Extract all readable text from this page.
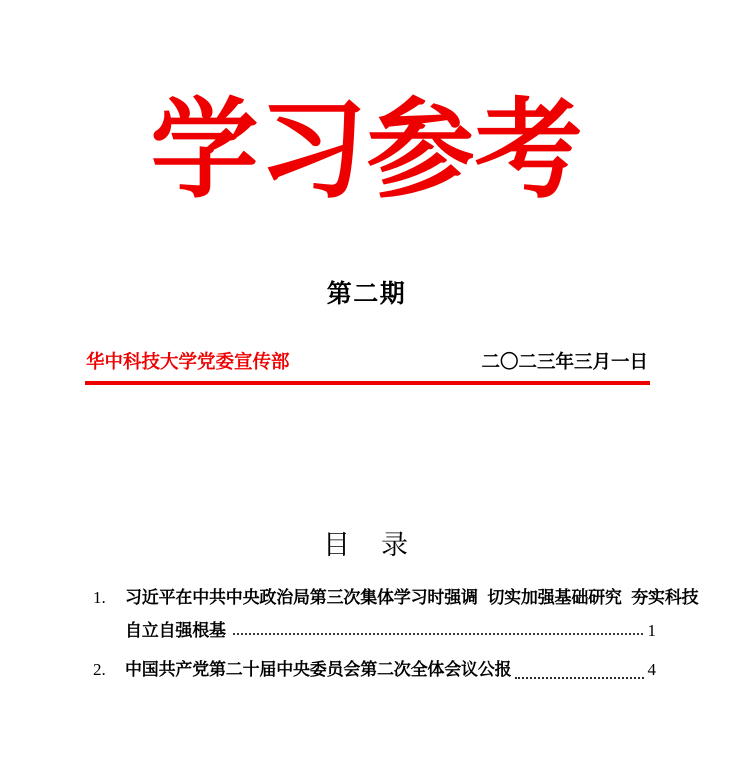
学习参考
第二期
华中科技大学党委宣传部	二〇二三年三月一日
目　录
1.	习近平在中共中央政治局第三次集体学习时强调 切实加强基础研究 夯实科技
自立自强根基	1
2.	中国共产党第二十届中央委员会第二次全体会议公报	4
